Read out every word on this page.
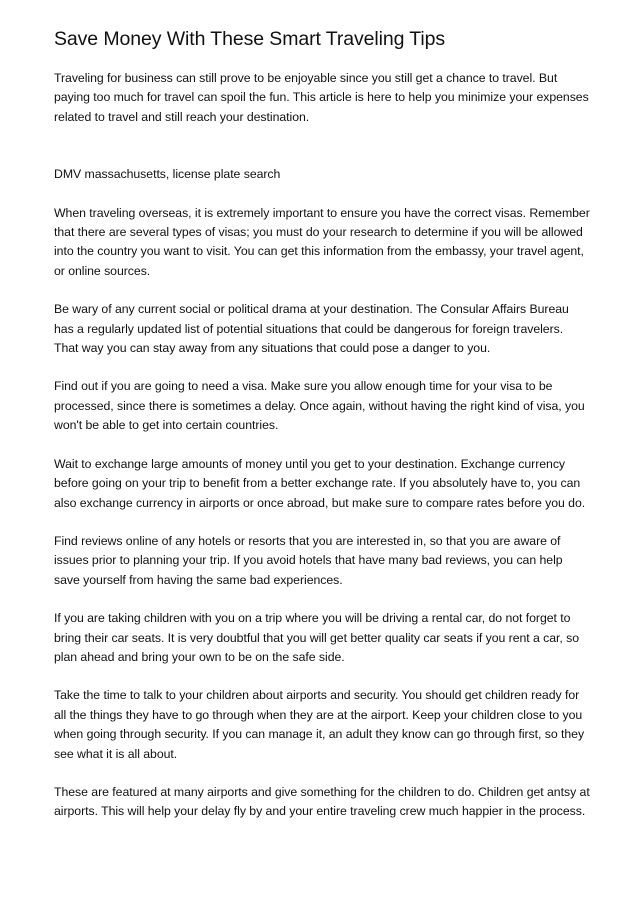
Save Money With These Smart Traveling Tips

Traveling for business can still prove to be enjoyable since you still get a chance to travel. But paying too much for travel can spoil the fun. This article is here to help you minimize your expenses related to travel and still reach your destination.

DMV massachusetts, license plate search

When traveling overseas, it is extremely important to ensure you have the correct visas. Remember that there are several types of visas; you must do your research to determine if you will be allowed into the country you want to visit. You can get this information from the embassy, your travel agent, or online sources.

Be wary of any current social or political drama at your destination. The Consular Affairs Bureau has a regularly updated list of potential situations that could be dangerous for foreign travelers. That way you can stay away from any situations that could pose a danger to you.

Find out if you are going to need a visa. Make sure you allow enough time for your visa to be processed, since there is sometimes a delay. Once again, without having the right kind of visa, you won't be able to get into certain countries.

Wait to exchange large amounts of money until you get to your destination. Exchange currency before going on your trip to benefit from a better exchange rate. If you absolutely have to, you can also exchange currency in airports or once abroad, but make sure to compare rates before you do.

Find reviews online of any hotels or resorts that you are interested in, so that you are aware of issues prior to planning your trip. If you avoid hotels that have many bad reviews, you can help save yourself from having the same bad experiences.

If you are taking children with you on a trip where you will be driving a rental car, do not forget to bring their car seats. It is very doubtful that you will get better quality car seats if you rent a car, so plan ahead and bring your own to be on the safe side.

Take the time to talk to your children about airports and security. You should get children ready for all the things they have to go through when they are at the airport. Keep your children close to you when going through security. If you can manage it, an adult they know can go through first, so they see what it is all about.

These are featured at many airports and give something for the children to do. Children get antsy at airports. This will help your delay fly by and your entire traveling crew much happier in the process.
